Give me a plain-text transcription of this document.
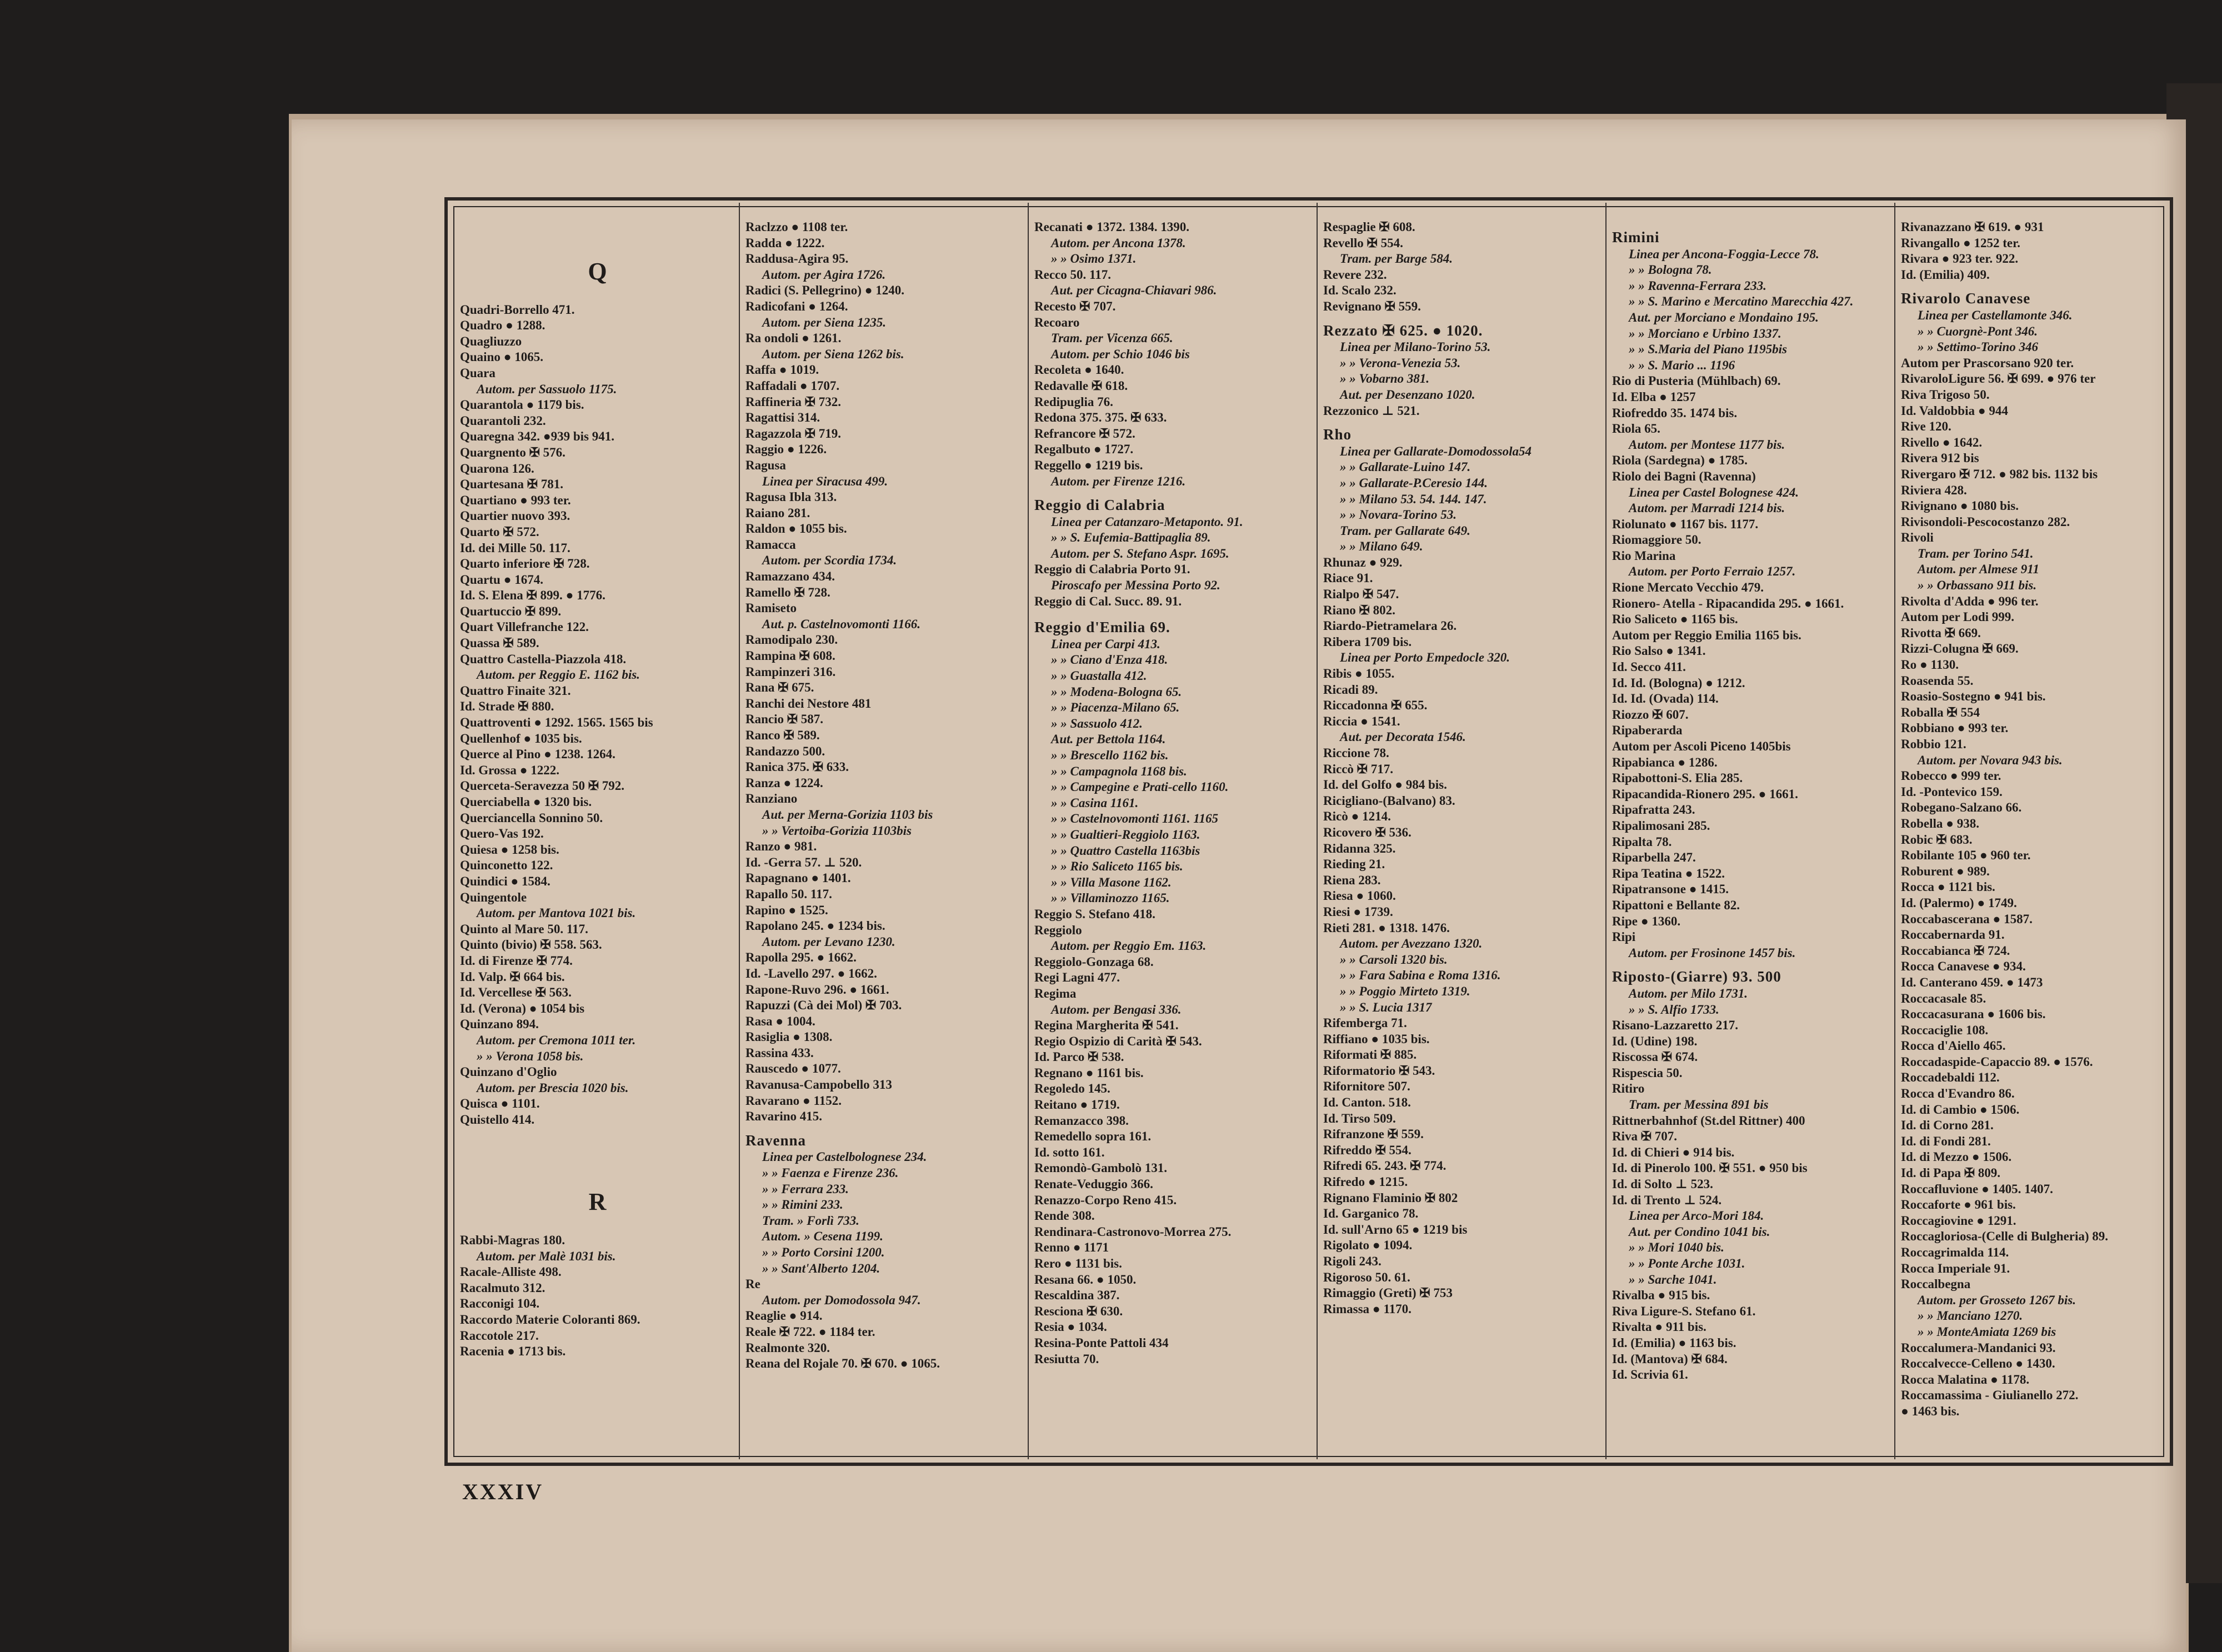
Q
Quadri-Borrello 471.
Quadro ● 1288.
Quagliuzzo
Quaino ● 1065.
Quara
Autom. per Sassuolo 1175.
Quarantola ● 1179 bis.
Quarantoli 232.
Quaregna 342. ●939 bis 941.
Quargnento ✠ 576.
Quarona 126.
Quartesana ✠ 781.
Quartiano ● 993 ter.
Quartier nuovo 393.
Quarto ✠ 572.
Id. dei Mille 50. 117.
Quarto inferiore ✠ 728.
Quartu ● 1674.
Id. S. Elena ✠ 899. ● 1776.
Quartuccio ✠ 899.
Quart Villefranche 122.
Quassa ✠ 589.
Quattro Castella-Piazzola 418.
Autom. per Reggio E. 1162 bis.
Quattro Finaite 321.
Id. Strade ✠ 880.
Quattroventi ● 1292. 1565. 1565 bis
Quellenhof ● 1035 bis.
Querce al Pino ● 1238. 1264.
Id. Grossa ● 1222.
Querceta-Seravezza 50 ✠ 792.
Querciabella ● 1320 bis.
Querciancella Sonnino 50.
Quero-Vas 192.
Quiesa ● 1258 bis.
Quinconetto 122.
Quindici ● 1584.
Quingentole
Autom. per Mantova 1021 bis.
Quinto al Mare 50. 117.
Quinto (bivio) ✠ 558. 563.
Id. di Firenze ✠ 774.
Id. Valp. ✠ 664 bis.
Id. Vercellese ✠ 563.
Id. (Verona) ● 1054 bis
Quinzano 894.
Autom. per Cremona 1011 ter.
» » Verona 1058 bis.
Quinzano d'Oglio
Autom. per Brescia 1020 bis.
Quisca ● 1101.
Quistello 414.
R
Rabbi-Magras 180.
Autom. per Malè 1031 bis.
Racale-Alliste 498.
Racalmuto 312.
Racconigi 104.
Raccordo Materie Coloranti 869.
Raccotole 217.
Racenia ● 1713 bis.
Raclzzo ● 1108 ter.
Radda ● 1222.
Raddusa-Agira 95.
Autom. per Agira 1726.
Radici (S. Pellegrino) ● 1240.
Radicofani ● 1264.
Autom. per Siena 1235.
Ra ondoli ● 1261.
Autom. per Siena 1262 bis.
Raffa ● 1019.
Raffadali ● 1707.
Raffineria ✠ 732.
Ragattisi 314.
Ragazzola ✠ 719.
Raggio ● 1226.
Ragusa
Linea per Siracusa 499.
Ragusa Ibla 313.
Raiano 281.
Raldon ● 1055 bis.
Ramacca
Autom. per Scordia 1734.
Ramazzano 434.
Ramello ✠ 728.
Ramiseto
Aut. p. Castelnovomonti 1166.
Ramodipalo 230.
Rampina ✠ 608.
Rampinzeri 316.
Rana ✠ 675.
Ranchi dei Nestore 481
Rancio ✠ 587.
Ranco ✠ 589.
Randazzo 500.
Ranica 375. ✠ 633.
Ranza ● 1224.
Ranziano
Aut. per Merna-Gorizia 1103 bis
» » Vertoiba-Gorizia 1103bis
Ranzo ● 981.
Id. -Gerra 57. ⊥ 520.
Rapagnano ● 1401.
Rapallo 50. 117.
Rapino ● 1525.
Rapolano 245. ● 1234 bis.
Autom. per Levano 1230.
Rapolla 295. ● 1662.
Id. -Lavello 297. ● 1662.
Rapone-Ruvo 296. ● 1661.
Rapuzzi (Cà dei Mol) ✠ 703.
Rasa ● 1004.
Rasiglia ● 1308.
Rassina 433.
Rauscedo ● 1077.
Ravanusa-Campobello 313
Ravarano ● 1152.
Ravarino 415.
Ravenna
Linea per Castelbolognese 234.
» » Faenza e Firenze 236.
» » Ferrara 233.
» » Rimini 233.
Tram. » Forlì 733.
Autom. » Cesena 1199.
» » Porto Corsini 1200.
» » Sant'Alberto 1204.
Re
Autom. per Domodossola 947.
Reaglie ● 914.
Reale ✠ 722. ● 1184 ter.
Realmonte 320.
Reana del Rojale 70. ✠ 670. ● 1065.
Recanati ● 1372. 1384. 1390.
Autom. per Ancona 1378.
» » Osimo 1371.
Recco 50. 117.
Aut. per Cicagna-Chiavari 986.
Recesto ✠ 707.
Recoaro
Tram. per Vicenza 665.
Autom. per Schio 1046 bis
Recoleta ● 1640.
Redavalle ✠ 618.
Redipuglia 76.
Redona 375. 375. ✠ 633.
Refrancore ✠ 572.
Regalbuto ● 1727.
Reggello ● 1219 bis.
Autom. per Firenze 1216.
Reggio di Calabria
Linea per Catanzaro-Metaponto. 91.
» » S. Eufemia-Battipaglia 89.
Autom. per S. Stefano Aspr. 1695.
Reggio di Calabria Porto 91.
Piroscafo per Messina Porto 92.
Reggio di Cal. Succ. 89. 91.
Reggio d'Emilia 69.
Linea per Carpi 413.
» » Ciano d'Enza 418.
» » Guastalla 412.
» » Modena-Bologna 65.
» » Piacenza-Milano 65.
» » Sassuolo 412.
Aut. per Bettola 1164.
» » Brescello 1162 bis.
» » Campagnola 1168 bis.
» » Campegine e Prati-cello 1160.
» » Casina 1161.
» » Castelnovomonti 1161. 1165
» » Gualtieri-Reggiolo 1163.
» » Quattro Castella 1163bis
» » Rio Saliceto 1165 bis.
» » Villa Masone 1162.
» » Villaminozzo 1165.
Reggio S. Stefano 418.
Reggiolo
Autom. per Reggio Em. 1163.
Reggiolo-Gonzaga 68.
Regi Lagni 477.
Regima
Autom. per Bengasi 336.
Regina Margherita ✠ 541.
Regio Ospizio di Carità ✠ 543.
Id. Parco ✠ 538.
Regnano ● 1161 bis.
Regoledo 145.
Reitano ● 1719.
Remanzacco 398.
Remedello sopra 161.
Id. sotto 161.
Remondò-Gambolò 131.
Renate-Veduggio 366.
Renazzo-Corpo Reno 415.
Rende 308.
Rendinara-Castronovo-Morrea 275.
Renno ● 1171
Rero ● 1131 bis.
Resana 66. ● 1050.
Rescaldina 387.
Resciona ✠ 630.
Resia ● 1034.
Resina-Ponte Pattoli 434
Resiutta 70.
Respaglie ✠ 608.
Revello ✠ 554.
Tram. per Barge 584.
Revere 232.
Id. Scalo 232.
Revignano ✠ 559.
Rezzato ✠ 625. ● 1020.
Linea per Milano-Torino 53.
» » Verona-Venezia 53.
» » Vobarno 381.
Aut. per Desenzano 1020.
Rezzonico ⊥ 521.
Rho
Linea per Gallarate-Domodossola54
» » Gallarate-Luino 147.
» » Gallarate-P.Ceresio 144.
» » Milano 53. 54. 144. 147.
» » Novara-Torino 53.
Tram. per Gallarate 649.
» » Milano 649.
Rhunaz ● 929.
Riace 91.
Rialpo ✠ 547.
Riano ✠ 802.
Riardo-Pietramelara 26.
Ribera 1709 bis.
Linea per Porto Empedocle 320.
Ribis ● 1055.
Ricadi 89.
Riccadonna ✠ 655.
Riccia ● 1541.
Aut. per Decorata 1546.
Riccione 78.
Riccò ✠ 717.
Id. del Golfo ● 984 bis.
Riciglianо-(Balvano) 83.
Ricò ● 1214.
Ricovero ✠ 536.
Ridanna 325.
Rieding 21.
Riena 283.
Riesa ● 1060.
Riesi ● 1739.
Rieti 281. ● 1318. 1476.
Autom. per Avezzano 1320.
» » Carsoli 1320 bis.
» » Fara Sabina e Roma 1316.
» » Poggio Mirteto 1319.
» » S. Lucia 1317
Rifemberga 71.
Riffiano ● 1035 bis.
Riformati ✠ 885.
Riformatorio ✠ 543.
Rifornitore 507.
Id. Canton. 518.
Id. Tirso 509.
Rifranzone ✠ 559.
Rifreddo ✠ 554.
Rifredi 65. 243. ✠ 774.
Rifredo ● 1215.
Rignano Flaminio ✠ 802
Id. Garganico 78.
Id. sull'Arno 65 ● 1219 bis
Rigolato ● 1094.
Rigoli 243.
Rigoroso 50. 61.
Rimaggio (Greti) ✠ 753
Rimassa ● 1170.
Rimini
Linea per Ancona-Foggia-Lecce 78.
» » Bologna 78.
» » Ravenna-Ferrara 233.
» » S. Marino e Mercatino Marecchia 427.
Aut. per Morciano e Mondaino 195.
» » Morciano e Urbino 1337.
» » S.Maria del Piano 1195bis
» » S. Mario ... 1196
Rio di Pusteria (Mühlbach) 69.
Id. Elba ● 1257
Riofreddo 35. 1474 bis.
Riola 65.
Autom. per Montese 1177 bis.
Riola (Sardegna) ● 1785.
Riolo dei Bagni (Ravenna)
Linea per Castel Bolognese 424.
Autom. per Marradi 1214 bis.
Riolunato ● 1167 bis. 1177.
Riomaggiore 50.
Rio Marina
Autom. per Porto Ferraio 1257.
Rione Mercato Vecchio 479.
Rionero- Atella - Ripacandida 295. ● 1661.
Rio Saliceto ● 1165 bis.
Autom per Reggio Emilia 1165 bis.
Rio Salso ● 1341.
Id. Secco 411.
Id. Id. (Bologna) ● 1212.
Id. Id. (Ovada) 114.
Riozzo ✠ 607.
Ripaberarda
Autom per Ascoli Piceno 1405bis
Ripabianca ● 1286.
Ripabottoni-S. Elia 285.
Ripacandida-Rionero 295. ● 1661.
Ripafratta 243.
Ripalimosani 285.
Ripalta 78.
Riparbella 247.
Ripa Teatina ● 1522.
Ripatransone ● 1415.
Ripattoni e Bellante 82.
Ripe ● 1360.
Ripi
Autom. per Frosinone 1457 bis.
Riposto-(Giarre) 93. 500
Autom. per Milo 1731.
» » S. Alfio 1733.
Risano-Lazzaretto 217.
Id. (Udine) 198.
Riscossa ✠ 674.
Rispescia 50.
Ritiro
Tram. per Messina 891 bis
Rittnerbahnhof (St.del Rittner) 400
Riva ✠ 707.
Id. di Chieri ● 914 bis.
Id. di Pinerolo 100. ✠ 551. ● 950 bis
Id. di Solto ⊥ 523.
Id. di Trento ⊥ 524.
Linea per Arco-Mori 184.
Aut. per Condino 1041 bis.
» » Mori 1040 bis.
» » Ponte Arche 1031.
» » Sarche 1041.
Rivalba ● 915 bis.
Riva Ligure-S. Stefano 61.
Rivalta ● 911 bis.
Id. (Emilia) ● 1163 bis.
Id. (Mantova) ✠ 684.
Id. Scrivia 61.
Rivanazzano ✠ 619. ● 931
Rivangallo ● 1252 ter.
Rivara ● 923 ter. 922.
Id. (Emilia) 409.
Rivarolo Canavese
Linea per Castellamonte 346.
» » Cuorgnè-Pont 346.
» » Settimo-Torino 346
Autom per Prascorsano 920 ter.
RivaroloLigure 56. ✠ 699. ● 976 ter
Riva Trigoso 50.
Id. Valdobbia ● 944
Rive 120.
Rivello ● 1642.
Rivera 912 bis
Rivergaro ✠ 712. ● 982 bis. 1132 bis
Riviera 428.
Rivignano ● 1080 bis.
Rivisondoli-Pescocostanzo 282.
Rivoli
Tram. per Torino 541.
Autom. per Almese 911
» » Orbassano 911 bis.
Rivolta d'Adda ● 996 ter.
Autom per Lodi 999.
Rivotta ✠ 669.
Rizzi-Colugna ✠ 669.
Ro ● 1130.
Roasenda 55.
Roasio-Sostegno ● 941 bis.
Roballa ✠ 554
Robbiano ● 993 ter.
Robbio 121.
Autom. per Novara 943 bis.
Robecco ● 999 ter.
Id. -Pontevico 159.
Robegano-Salzano 66.
Robella ● 938.
Robic ✠ 683.
Robilante 105 ● 960 ter.
Roburent ● 989.
Rocca ● 1121 bis.
Id. (Palermo) ● 1749.
Roccabascerana ● 1587.
Roccabernarda 91.
Roccabianca ✠ 724.
Rocca Canavese ● 934.
Id. Canterano 459. ● 1473
Roccacasale 85.
Roccacasurana ● 1606 bis.
Roccaciglie 108.
Rocca d'Aiello 465.
Roccadaspide-Capaccio 89. ● 1576.
Roccadebaldi 112.
Rocca d'Evandro 86.
Id. di Cambio ● 1506.
Id. di Corno 281.
Id. di Fondi 281.
Id. di Mezzo ● 1506.
Id. di Papa ✠ 809.
Roccafluvione ● 1405. 1407.
Roccaforte ● 961 bis.
Roccagiovine ● 1291.
Roccagloriosa-(Celle di Bulgheria) 89.
Roccagrimalda 114.
Rocca Imperiale 91.
Roccalbegna
Autom. per Grosseto 1267 bis.
» » Manciano 1270.
» » MonteAmiata 1269 bis
Roccalumera-Mandanici 93.
Roccalvecce-Celleno ● 1430.
Rocca Malatina ● 1178.
Roccamassima - Giulianello 272.
● 1463 bis.
XXXIV
